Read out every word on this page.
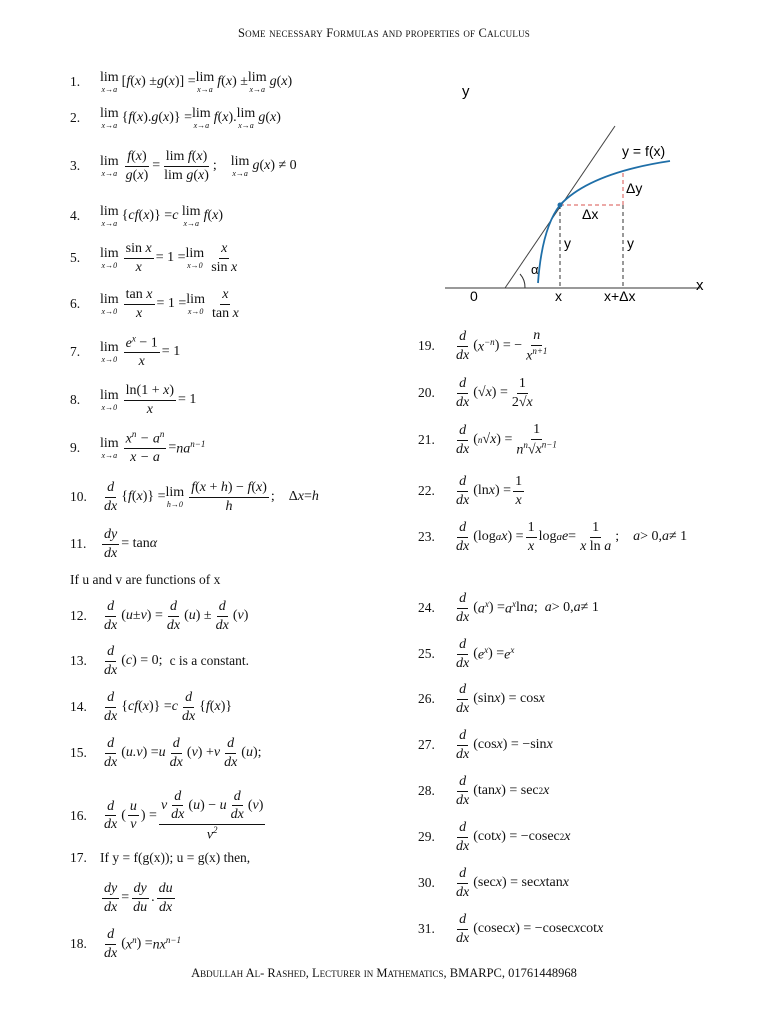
Some necessary Formulas and properties of Calculus
y
x
0
y = f(x)
Δy
Δx
y	y
α
x	x+Δx
1.	lim
x→a [ f ( x ) ± g ( x )] = lim
x→a f ( x ) ± lim
x→a g ( x )
2.	lim
x→a { f ( x ). g ( x )} = lim
x→a f ( x ). lim
x→a g ( x )
3.	lim
$x\to a \frac{f(x)}{g(x)} = \frac{\text{lim f(x)}}{\text{lim g(x)}}$ ; lim
x→a g ( x ) ≠ 0
4.	lim
x→a { cf ( x )} = c
lim
x→a f ( x )
5.	lim
$x\to 0 \frac{\text{sin x}}{x} = 1 = \lim$
$x\to 0 \frac{x}{\text{sin x}}$
6.	lim
$x\to 0 \frac{\text{tan x}}{x} = 1 = \lim$
$x\to 0 \frac{x}{\text{tan x}}$
7.	lim
$x\to 0 \frac{e^x - 1}{x} = 1$
8.	lim
$x\to 0 \frac{\ln(1 + x)}{x} = 1$
9.	lim
$x\to a \frac{x^n - a^n}{x - a} = na^{n-1}$
10.	$\frac{d}{dx}$ { f ( x )} = lim
$h\to 0 \frac{f(x + h) - f(x)}{h}$ ; Δ x = h
11.	$\frac{dy}{dx} = \tan \alpha$
If u and v are functions of x
12.	$\frac{d}{dx}$ ( u ± v ) = $\frac{d}{dx}$ ( u ) ± $\frac{d}{dx}$ ( v )
13.	$\frac{d}{dx}$ ( c ) = 0; c is a constant.
14.	$\frac{d}{dx}$ { cf ( x )} = c $\frac{d}{dx}$ { f ( x )}
15.	$\frac{d}{dx}$ ( u.v ) = u $\frac{d}{dx}$ ( v ) + v $\frac{d}{dx}$ ( u );
16.	$\frac{d}{dx}$ ( $\frac{u}{v}$ ) = $\frac{v \frac{d}{dx} (u) - u \frac{d}{dx} (v)}{v^2}$
17. If y = f(g(x)); u = g(x) then,
$\frac{dy}{dx} = \frac{dy}{du}$ . $\frac{du}{dx}$
18.	$\frac{d}{dx}$ ( $x^n$ ) = $nx^{n-1}$
19.	$\frac{d}{dx}$ ( $x^{-n}$ ) = − $\frac{n}{x^{n+1}}$
20.	$\frac{d}{dx}$ (√ x ) = $\frac{1}{2√x}$
21.	$\frac{d}{dx}$ ( n √ x ) = $\frac{1}{n^n√x^{n-1}}$
22.	$\frac{d}{dx} (\ln$ x ) = $\frac{1}{x}$
23.	$\frac{d}{dx} (\log$ a x ) = $\frac{1}{x}$ log a $e = \frac{1}{\text{x ln a}}$ ; a > 0, a ≠ 1
24.	$\frac{d}{dx}$ ( $a^x$ ) = $a^x$ ln a ; a > 0, a ≠ 1
25.	$\frac{d}{dx}$ ( $e^x$ ) = $e^x$
26.	$\frac{d}{dx} (\sin$ x ) = cos x
27.	$\frac{d}{dx} (\cos$ x ) = −sin x
28.	$\frac{d}{dx} (\tan$ x ) = sec 2 x
29.	$\frac{d}{dx} (\cot$ x ) = −cosec 2 x
30.	$\frac{d}{dx} (\sec$ x ) = sec x tan x
31.	$\frac{d}{dx} (cosec$ x ) = −cosec x cot x
Abdullah Al- Rashed, Lecturer in Mathematics, BMARPC, 01761448968
